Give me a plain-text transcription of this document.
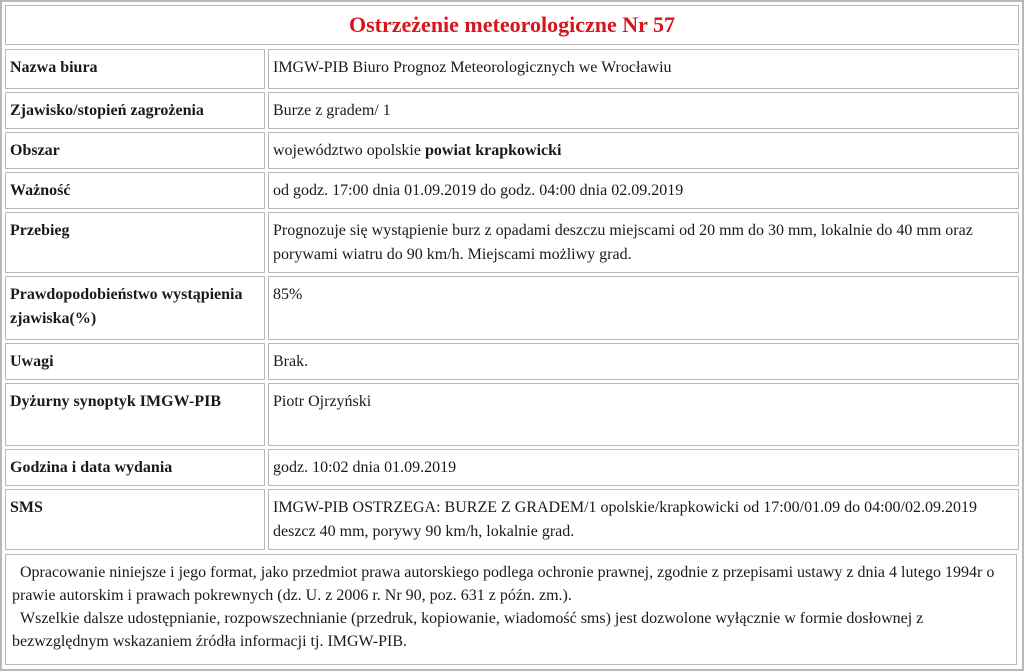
Ostrzeżenie meteorologiczne Nr 57
Nazwa biura	IMGW-PIB Biuro Prognoz Meteorologicznych we Wrocławiu
Zjawisko/stopień zagrożenia	Burze z gradem/ 1
Obszar	województwo opolskie powiat krapkowicki
Ważność	od godz. 17:00 dnia 01.09.2019 do godz. 04:00 dnia 02.09.2019
Przebieg	Prognozuje się wystąpienie burz z opadami deszczu miejscami od 20 mm do 30 mm, lokalnie do 40 mm oraz porywami wiatru do 90 km/h. Miejscami możliwy grad.
Prawdopodobieństwo wystąpienia zjawiska(%)	85%
Uwagi	Brak.
Dyżurny synoptyk IMGW-PIB	Piotr Ojrzyński
Godzina i data wydania	godz. 10:02 dnia 01.09.2019
SMS	IMGW-PIB OSTRZEGA: BURZE Z GRADEM/1 opolskie/krapkowicki od 17:00/01.09 do 04:00/02.09.2019 deszcz 40 mm, porywy 90 km/h, lokalnie grad.

Opracowanie niniejsze i jego format, jako przedmiot prawa autorskiego podlega ochronie prawnej, zgodnie z przepisami ustawy z dnia 4 lutego 1994r o prawie autorskim i prawach pokrewnych (dz. U. z 2006 r. Nr 90, poz. 631 z późn. zm.).

Wszelkie dalsze udostępnianie, rozpowszechnianie (przedruk, kopiowanie, wiadomość sms) jest dozwolone wyłącznie w formie dosłownej z bezwzględnym wskazaniem źródła informacji tj. IMGW-PIB.
